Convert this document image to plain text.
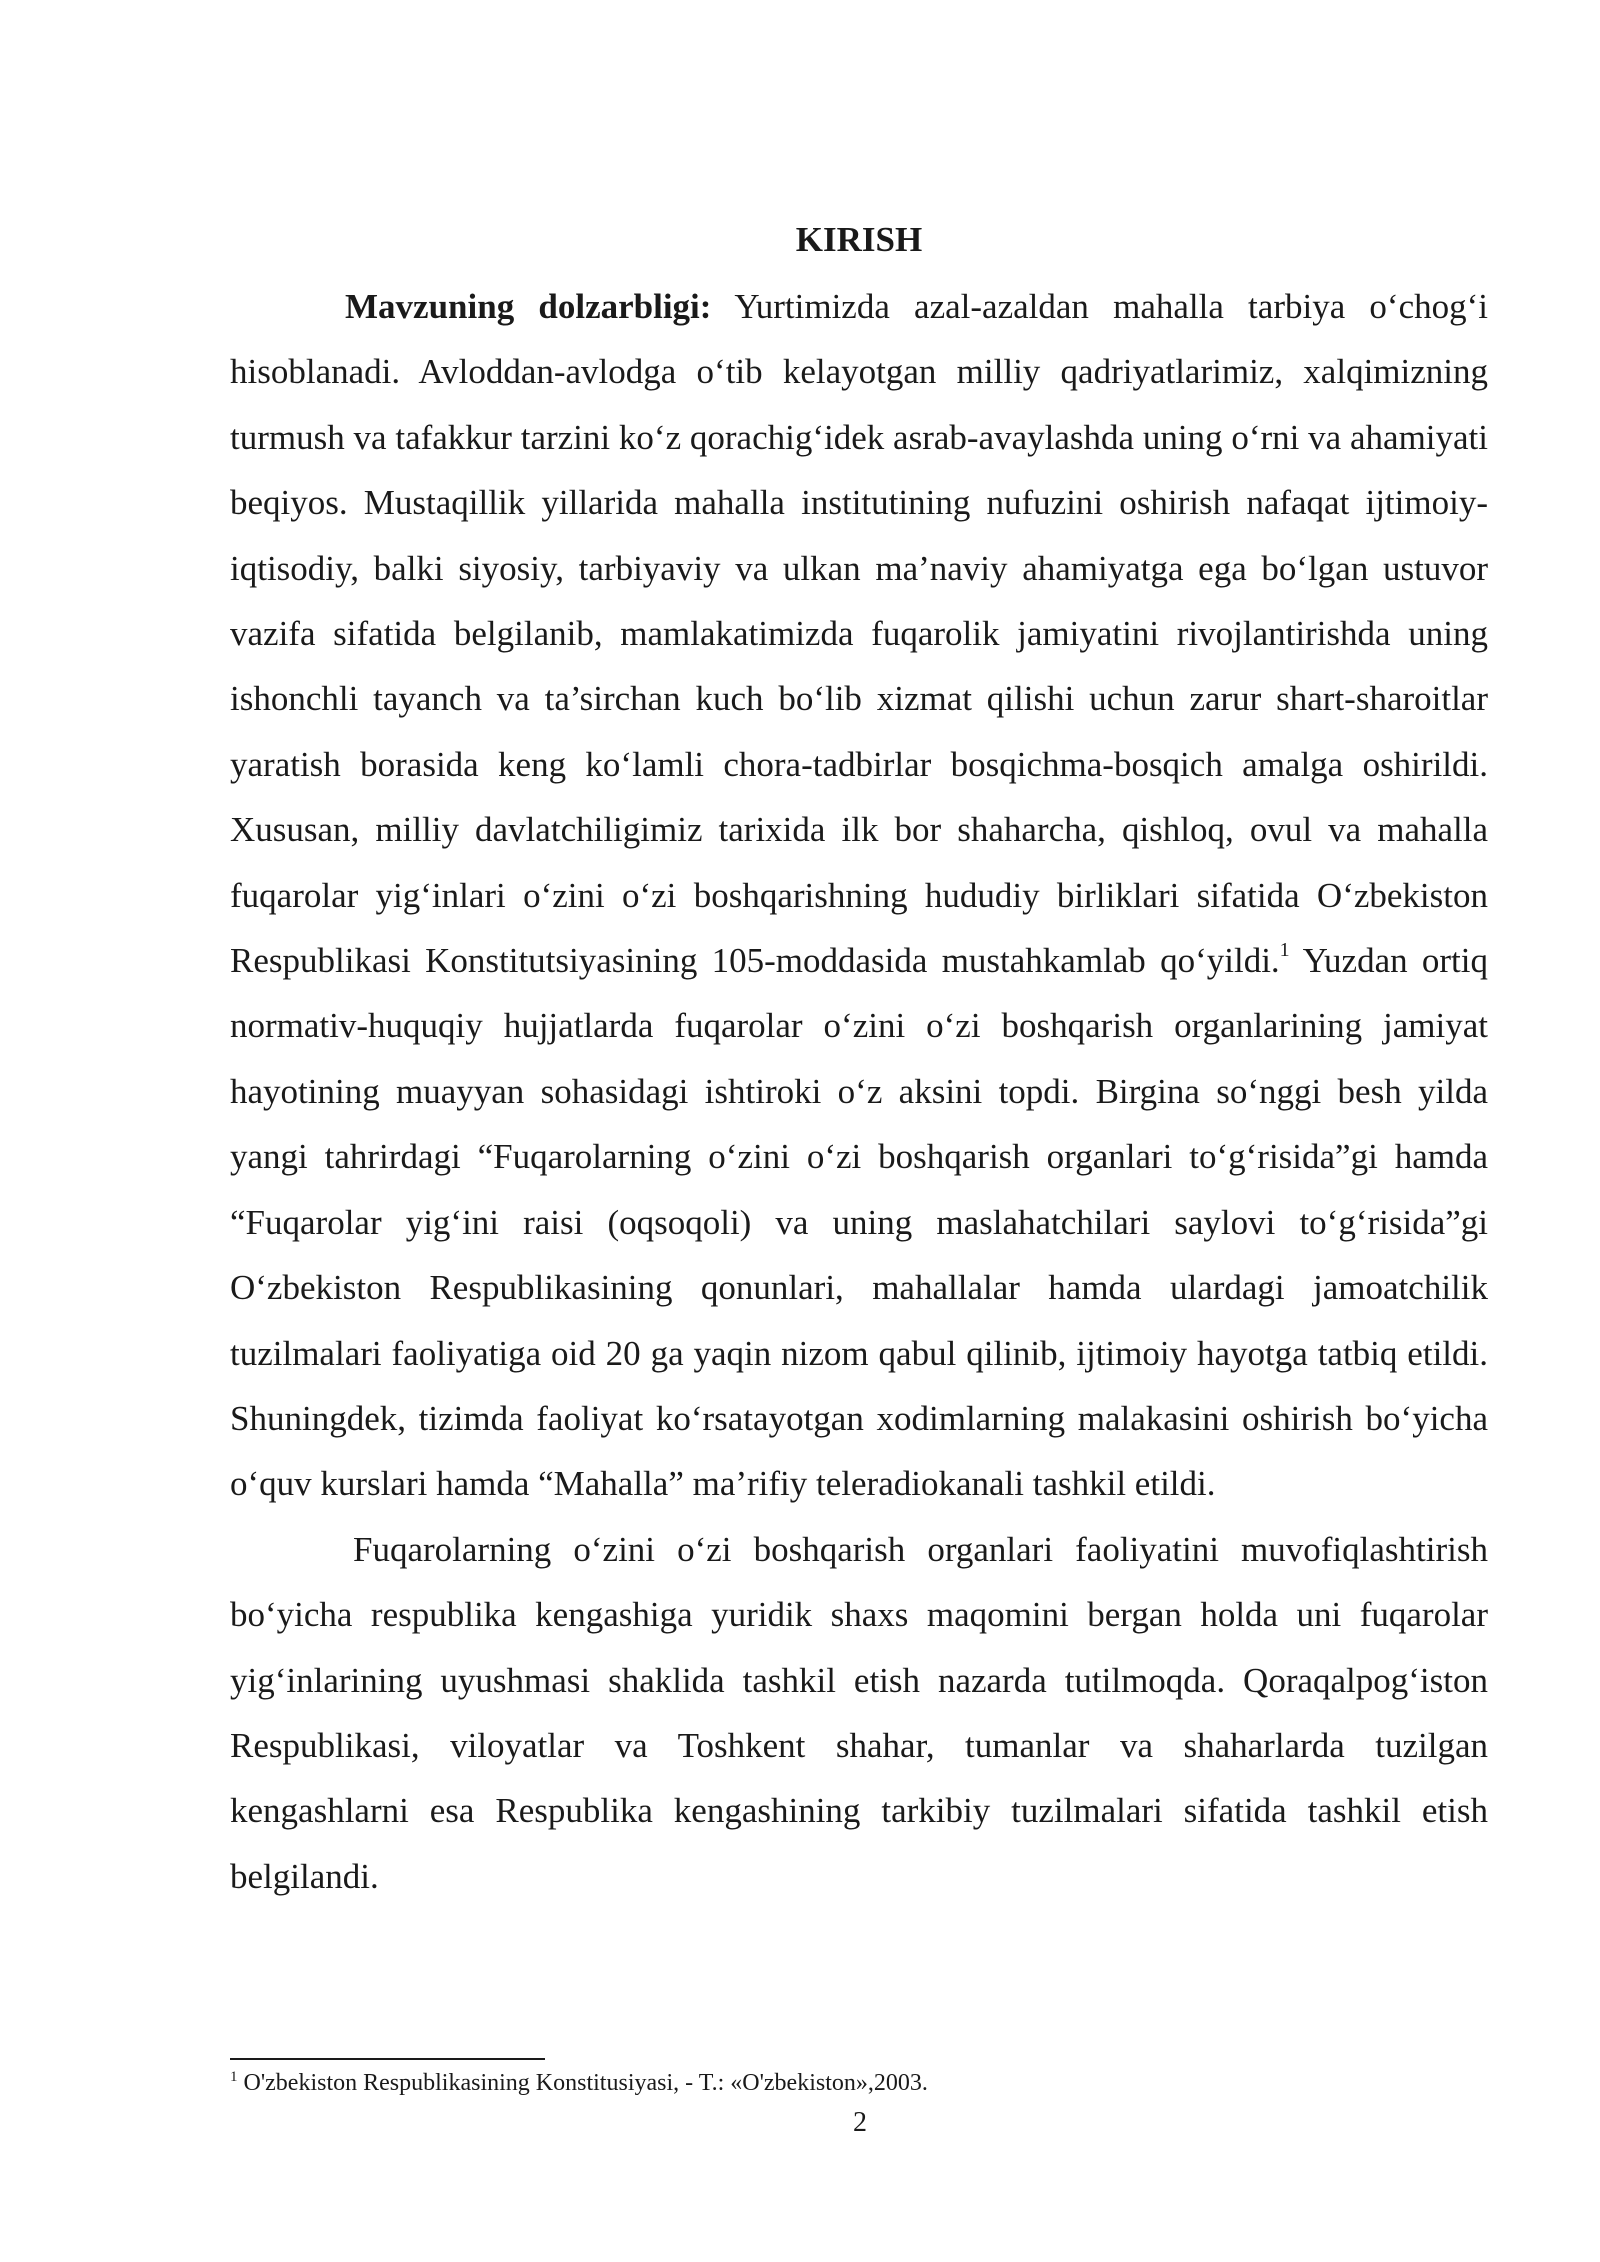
KIRISH

Mavzuning dolzarbligi: Yurtimizda azal-azaldan mahalla tarbiya o‘chog‘i hisoblanadi. Avloddan-avlodga o‘tib kelayotgan milliy qadriyatlarimiz, xalqimizning turmush va tafakkur tarzini ko‘z qorachig‘idek asrab-avaylashda uning o‘rni va ahamiyati beqiyos. Mustaqillik yillarida mahalla institutining nufuzini oshirish nafaqat ijtimoiy-iqtisodiy, balki siyosiy, tarbiyaviy va ulkan ma’naviy ahamiyatga ega bo‘lgan ustuvor vazifa sifatida belgilanib, mamlakatimizda fuqarolik jamiyatini rivojlantirishda uning ishonchli tayanch va ta’sirchan kuch bo‘lib xizmat qilishi uchun zarur shart-sharoitlar yaratish borasida keng ko‘lamli chora-tadbirlar bosqichma-bosqich amalga oshirildi. Xususan, milliy davlatchiligimiz tarixida ilk bor shaharcha, qishloq, ovul va mahalla fuqarolar yig‘inlari o‘zini o‘zi boshqarishning hududiy birliklari sifatida O‘zbekiston Respublikasi Konstitutsiyasining 105-moddasida mustahkamlab qo‘yildi.$^1$ Yuzdan ortiq normativ-huquqiy hujjatlarda fuqarolar o‘zini o‘zi boshqarish organlarining jamiyat hayotining muayyan sohasidagi ishtiroki o‘z aksini topdi. Birgina so‘nggi besh yilda yangi tahrirdagi “Fuqarolarning o‘zini o‘zi boshqarish organlari to‘g‘risida”gi hamda “Fuqarolar yig‘ini raisi (oqsoqoli) va uning maslahatchilari saylovi to‘g‘risida”gi O‘zbekiston Respublikasining qonunlari, mahallalar hamda ulardagi jamoatchilik tuzilmalari faoliyatiga oid 20 ga yaqin nizom qabul qilinib, ijtimoiy hayotga tatbiq etildi. Shuningdek, tizimda faoliyat ko‘rsatayotgan xodimlarning malakasini oshirish bo‘yicha o‘quv kurslari hamda “Mahalla” ma’rifiy teleradiokanali tashkil etildi.

Fuqarolarning o‘zini o‘zi boshqarish organlari faoliyatini muvofiqlashtirish bo‘yicha respublika kengashiga yuridik shaxs maqomini bergan holda uni fuqarolar yig‘inlarining uyushmasi shaklida tashkil etish nazarda tutilmoqda. Qoraqalpog‘iston Respublikasi, viloyatlar va Toshkent shahar, tumanlar va shaharlarda tuzilgan kengashlarni esa Respublika kengashining tarkibiy tuzilmalari sifatida tashkil etish belgilandi.

$^1$ O'zbekiston Respublikasining Konstitusiyasi, - T.: «O'zbekiston»,2003.
2
